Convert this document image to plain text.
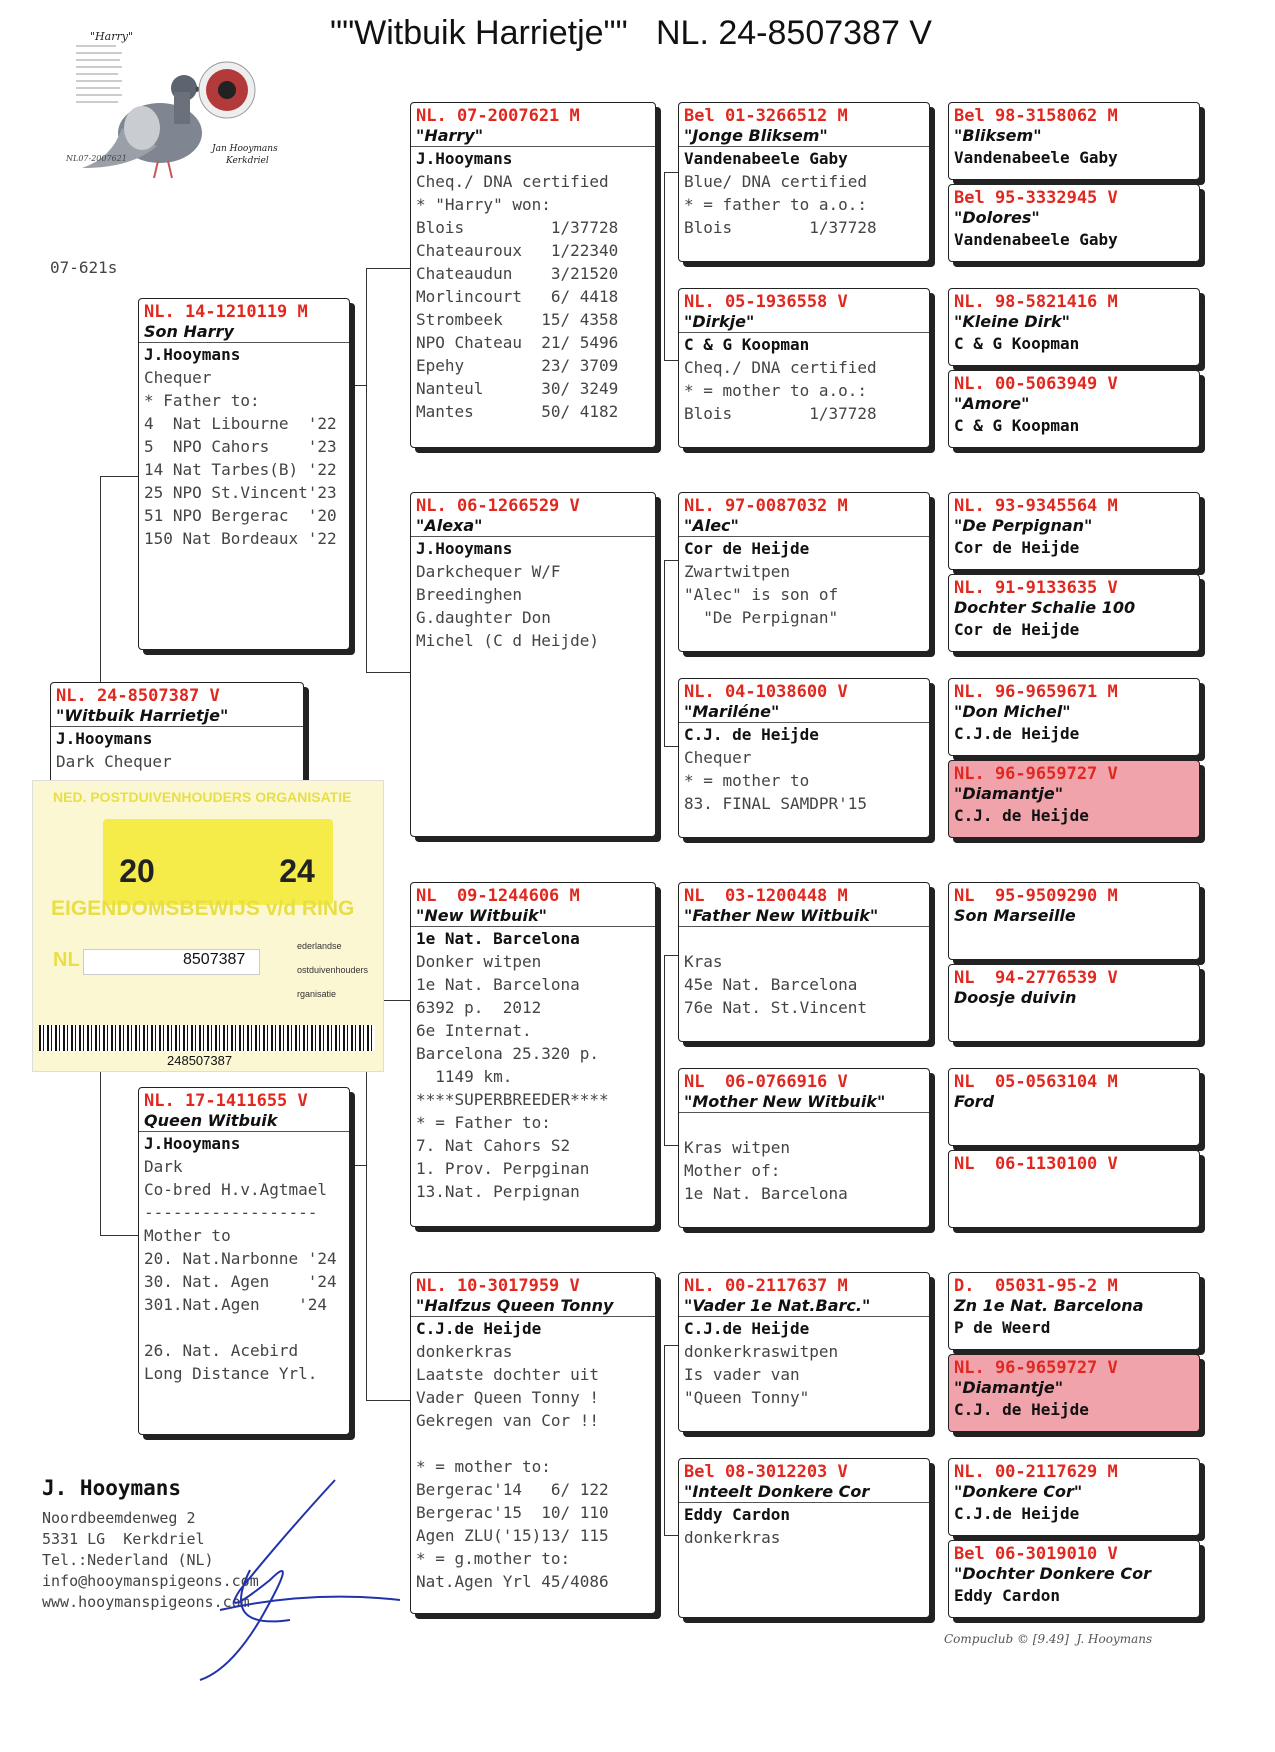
""Witbuik Harrietje""   NL. 24-8507387 V
"Harry"
NL07-2007621
Jan Hooymans
Kerkdriel
07-621s
NL. 24-8507387 V
"Witbuik Harrietje"
J.Hooymans
Dark Chequer
NED. POSTDUIVENHOUDERS ORGANISATIE
20	24
EIGENDOMSBEWIJS v/d RING
NL	8507387
ederlandse
ostduivenhouders
rganisatie
248507387
NL. 14-1210119 M
Son Harry
J.Hooymans
Chequer
* Father to:
4  Nat Libourne  '22
5  NPO Cahors    '23
14 Nat Tarbes(B) '22
25 NPO St.Vincent'23
51 NPO Bergerac  '20
150 Nat Bordeaux '22
NL. 17-1411655 V
Queen Witbuik
J.Hooymans
Dark
Co-bred H.v.Agtmael
------------------
Mother to
20. Nat.Narbonne '24
30. Nat. Agen    '24
301.Nat.Agen    '24

26. Nat. Acebird
Long Distance Yrl.
NL. 07-2007621 M
"Harry"
J.Hooymans
Cheq./ DNA certified
* "Harry" won:
Blois         1/37728
Chateauroux   1/22340
Chateaudun    3/21520
Morlincourt   6/ 4418
Strombeek    15/ 4358
NPO Chateau  21/ 5496
Epehy        23/ 3709
Nanteul      30/ 3249
Mantes       50/ 4182
NL. 06-1266529 V
"Alexa"
J.Hooymans
Darkchequer W/F
Breedinghen
G.daughter Don
Michel (C d Heijde)
NL  09-1244606 M
"New Witbuik"
1e Nat. Barcelona
Donker witpen
1e Nat. Barcelona
6392 p.  2012
6e Internat.
Barcelona 25.320 p.
1149 km.
****SUPERBREEDER****
* = Father to:
7. Nat Cahors S2
1. Prov. Perpginan
13.Nat. Perpignan
NL. 10-3017959 V
"Halfzus Queen Tonny
C.J.de Heijde
donkerkras
Laatste dochter uit
Vader Queen Tonny !
Gekregen van Cor !!

* = mother to:
Bergerac'14   6/ 122
Bergerac'15  10/ 110
Agen ZLU('15)13/ 115
* = g.mother to:
Nat.Agen Yrl 45/4086
Bel 01-3266512 M
"Jonge Bliksem"
Vandenabeele Gaby
Blue/ DNA certified
* = father to a.o.:
Blois        1/37728
NL. 05-1936558 V
"Dirkje"
C & G Koopman
Cheq./ DNA certified
* = mother to a.o.:
Blois        1/37728
NL. 97-0087032 M
"Alec"
Cor de Heijde
Zwartwitpen
"Alec" is son of
"De Perpignan"
NL. 04-1038600 V
"Mariléne"
C.J. de Heijde
Chequer
* = mother to
83. FINAL SAMDPR'15
NL  03-1200448 M
"Father New Witbuik"
Kras
45e Nat. Barcelona
76e Nat. St.Vincent
NL  06-0766916 V
"Mother New Witbuik"
Kras witpen
Mother of:
1e Nat. Barcelona
NL. 00-2117637 M
"Vader 1e Nat.Barc."
C.J.de Heijde
donkerkraswitpen
Is vader van
"Queen Tonny"
Bel 08-3012203 V
"Inteelt Donkere Cor
Eddy Cardon
donkerkras
Bel 98-3158062 M
"Bliksem"
Vandenabeele Gaby
Bel 95-3332945 V
"Dolores"
Vandenabeele Gaby
NL. 98-5821416 M
"Kleine Dirk"
C & G Koopman
NL. 00-5063949 V
"Amore"
C & G Koopman
NL. 93-9345564 M
"De Perpignan"
Cor de Heijde
NL. 91-9133635 V
Dochter Schalie 100
Cor de Heijde
NL. 96-9659671 M
"Don Michel"
C.J.de Heijde
NL. 96-9659727 V
"Diamantje"
C.J. de Heijde
NL  95-9509290 M
Son Marseille
NL  94-2776539 V
Doosje duivin
NL  05-0563104 M
Ford
NL  06-1130100 V
D.  05031-95-2 M
Zn 1e Nat. Barcelona
P de Weerd
NL. 96-9659727 V
"Diamantje"
C.J. de Heijde
NL. 00-2117629 M
"Donkere Cor"
C.J.de Heijde
Bel 06-3019010 V
"Dochter Donkere Cor
Eddy Cardon
J. Hooymans
Noordbeemdenweg 2
5331 LG  Kerkdriel
Tel.:Nederland (NL)
info@hooymanspigeons.com
www.hooymanspigeons.com
Compuclub © [9.49]  J. Hooymans
